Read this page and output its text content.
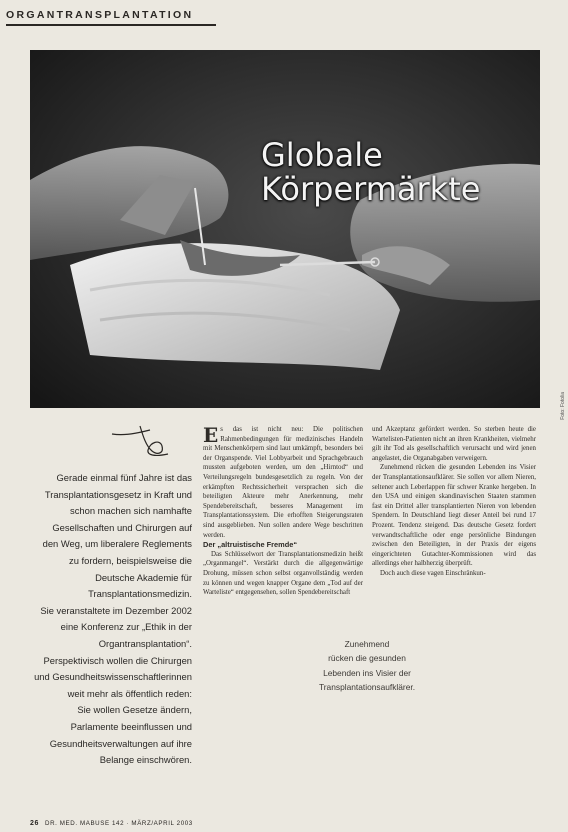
ORGANTRANSPLANTATION
Globale
Körpermärkte
Foto: Fotolia
Gerade einmal fünf Jahre ist das
Transplantationsgesetz in Kraft und
schon machen sich namhafte
Gesellschaften und Chirurgen auf
den Weg, um liberalere Reglements
zu fordern, beispielsweise die
Deutsche Akademie für
Transplantationsmedizin.
Sie veranstaltete im Dezember 2002
eine Konferenz zur „Ethik in der
Organtransplantation“.
Perspektivisch wollen die Chirurgen
und Gesundheitswissenschaftlerinnen
weit mehr als öffentlich reden:
Sie wollen Gesetze ändern,
Parlamente beeinflussen und
Gesundheitsverwaltungen auf ihre
Belange einschwören.

Es das ist nicht neu: Die politischen Rahmenbedingungen für medizinisches Handeln mit Menschenkörpern sind laut umkämpft, besonders bei der Organspende. Viel Lobbyarbeit und Sprachgebrauch mussten aufgeboten werden, um den „Hirntod“ und Verteilungsregeln bundesgesetzlich zu regeln. Von der erkämpften Rechtssicherheit versprachen sich die beteiligten Akteure mehr Anerkennung, mehr Spendebereitschaft, besseres Management im Transplantationssystem. Die erhofften Steigerungsraten sind ausgeblieben. Nun sollen andere Wege beschritten werden.

Der „altruistische Fremde“

Das Schlüsselwort der Transplantationsmedizin heißt „Organmangel“. Verstärkt durch die allgegenwärtige Drohung, müssen schon selbst organvollständig werden zu können und wegen knapper Organe dem „Tod auf der Warteliste“ entgegensehen, sollen Spendebereitschaft

und Akzeptanz gefördert werden. So sterben heute die Wartelisten-Patienten nicht an ihren Krankheiten, vielmehr gilt ihr Tod als gesellschaftlich verursacht und wird jenen angelastet, die Organabgaben verweigern.

Zunehmend rücken die gesunden Lebenden ins Visier der Transplantationsaufklärer. Sie sollen vor allem Nieren, seltener auch Leberlappen für schwer Kranke hergeben. In den USA und einigen skandinavischen Staaten stammen fast ein Drittel aller transplantierten Nieren von lebenden Spendern. In Deutschland liegt dieser Anteil bei rund 17 Prozent. Tendenz steigend. Das deutsche Gesetz fordert verwandtschaftliche oder enge persönliche Bindungen zwischen den Beteiligten, in der Praxis der eigens eingerichteten Gutachter-Kommissionen wird das allerdings eher halbherzig überprüft.

Doch auch diese vagen Einschränkun-

Zunehmend
rücken die gesunden
Lebenden ins Visier der
Transplantationsaufklärer.
26 DR. MED. MABUSE 142 · MÄRZ/APRIL 2003
